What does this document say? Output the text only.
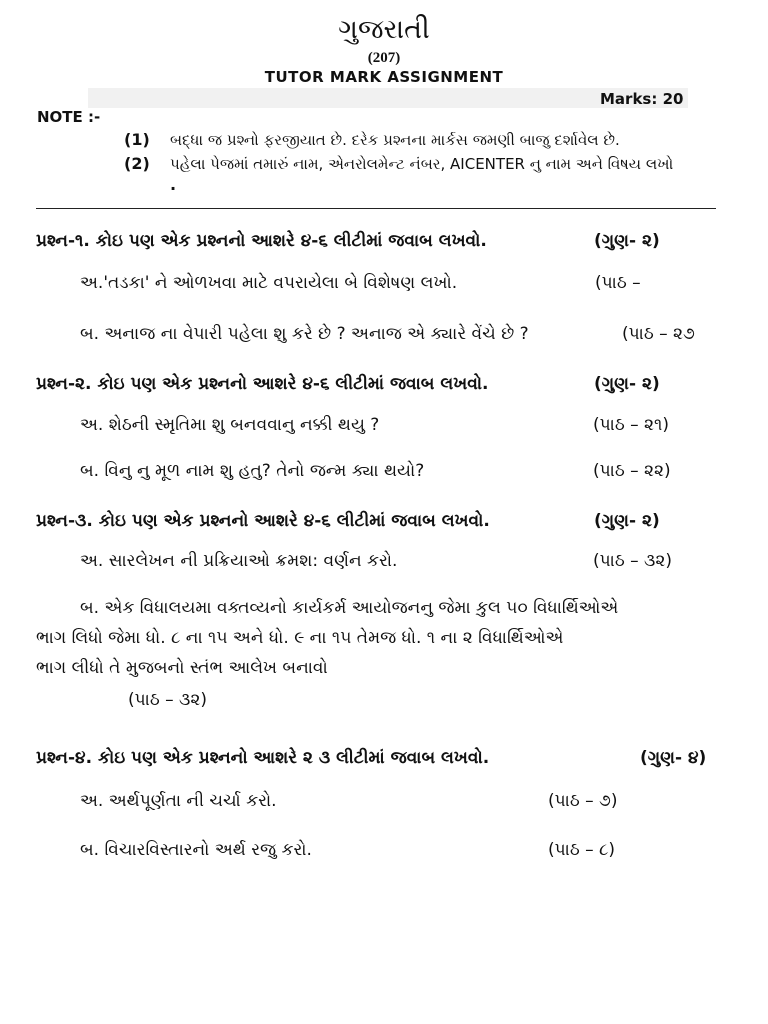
ગુજરાતી
(207)
TUTOR MARK ASSIGNMENT
Marks: 20
NOTE :-
(1) બદ્ધા જ પ્રશ્નો ફરજીયાત છે. દરેક પ્રશ્નના માર્કસ જમણી બાજુ દર્શાવેલ છે.
(2) પહેલા પેજમાં તમારું નામ, એનરોલમેન્ટ નંબર, AICENTER નુ નામ અને વિષય લખો
.
પ્રશ્ન-૧. કોઇ પણ એક પ્રશ્નનો આશરે ૪-૬ લીટીમાં જવાબ લખવો.	(ગુણ- ૨)
અ.'તડકા' ને ઓળખવા માટે વપરાયેલા બે વિશેષણ લખો.	(પાઠ –
બ. અનાજ ના વેપારી પહેલા શુ કરે છે ? અનાજ એ ક્યારે વેંચે છે ?	(પાઠ – ૨૭
પ્રશ્ન-૨. કોઇ પણ એક પ્રશ્નનો આશરે ૪-૬ લીટીમાં જવાબ લખવો.	(ગુણ- ૨)
અ. શેઠની સ્મૃતિમા શુ બનવવાનુ નક્કી થયુ ?	(પાઠ – ૨૧)
બ. વિનુ નુ મૂળ નામ શુ હતુ? તેનો જન્મ ક્યા થયો?	(પાઠ – ૨૨)
પ્રશ્ન-૩. કોઇ પણ એક પ્રશ્નનો આશરે ૪-૬ લીટીમાં જવાબ લખવો.	(ગુણ- ૨)
અ. સારલેખન ની પ્રક્રિયાઓ ક્રમશ: વર્ણન કરો.	(પાઠ – ૩૨)
બ. એક વિધાલયમા વક્તવ્યનો કાર્યકર્મ આયોજનનુ જેમા કુલ ૫૦ વિધાર્થિઓએ
ભાગ લિધો જેમા ધો. ૮ ના ૧૫ અને ધો. ૯ ના ૧૫ તેમજ ધો. ૧ ના ૨ વિધાર્થિઓએ
ભાગ લીધો તે મુજબનો સ્તંભ આલેખ બનાવો
(પાઠ – ૩૨)
પ્રશ્ન-૪. કોઇ પણ એક પ્રશ્નનો આશરે ૨ ૩ લીટીમાં જવાબ લખવો.	(ગુણ- ૪)
અ. અર્થપૂર્ણતા ની ચર્ચા કરો.	(પાઠ – ૭)
બ. વિચારવિસ્તારનો અર્થ રજુ કરો.	(પાઠ – ૮)
